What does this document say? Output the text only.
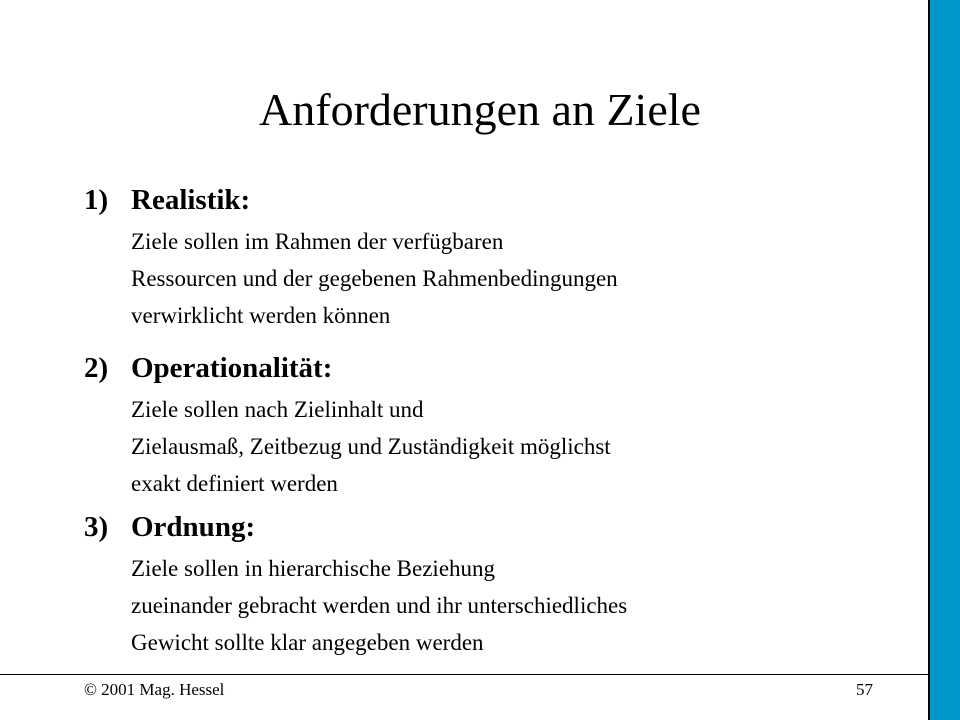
Anforderungen an Ziele
1) Realistik:
Ziele sollen im Rahmen der verfügbaren
Ressourcen und der gegebenen Rahmenbedingungen
verwirklicht werden können
2) Operationalität:
Ziele sollen nach Zielinhalt und
Zielausmaß, Zeitbezug und Zuständigkeit möglichst
exakt definiert werden
3) Ordnung:
Ziele sollen in hierarchische Beziehung
zueinander gebracht werden und ihr unterschiedliches
Gewicht sollte klar angegeben werden
© 2001 Mag. Hessel	57
